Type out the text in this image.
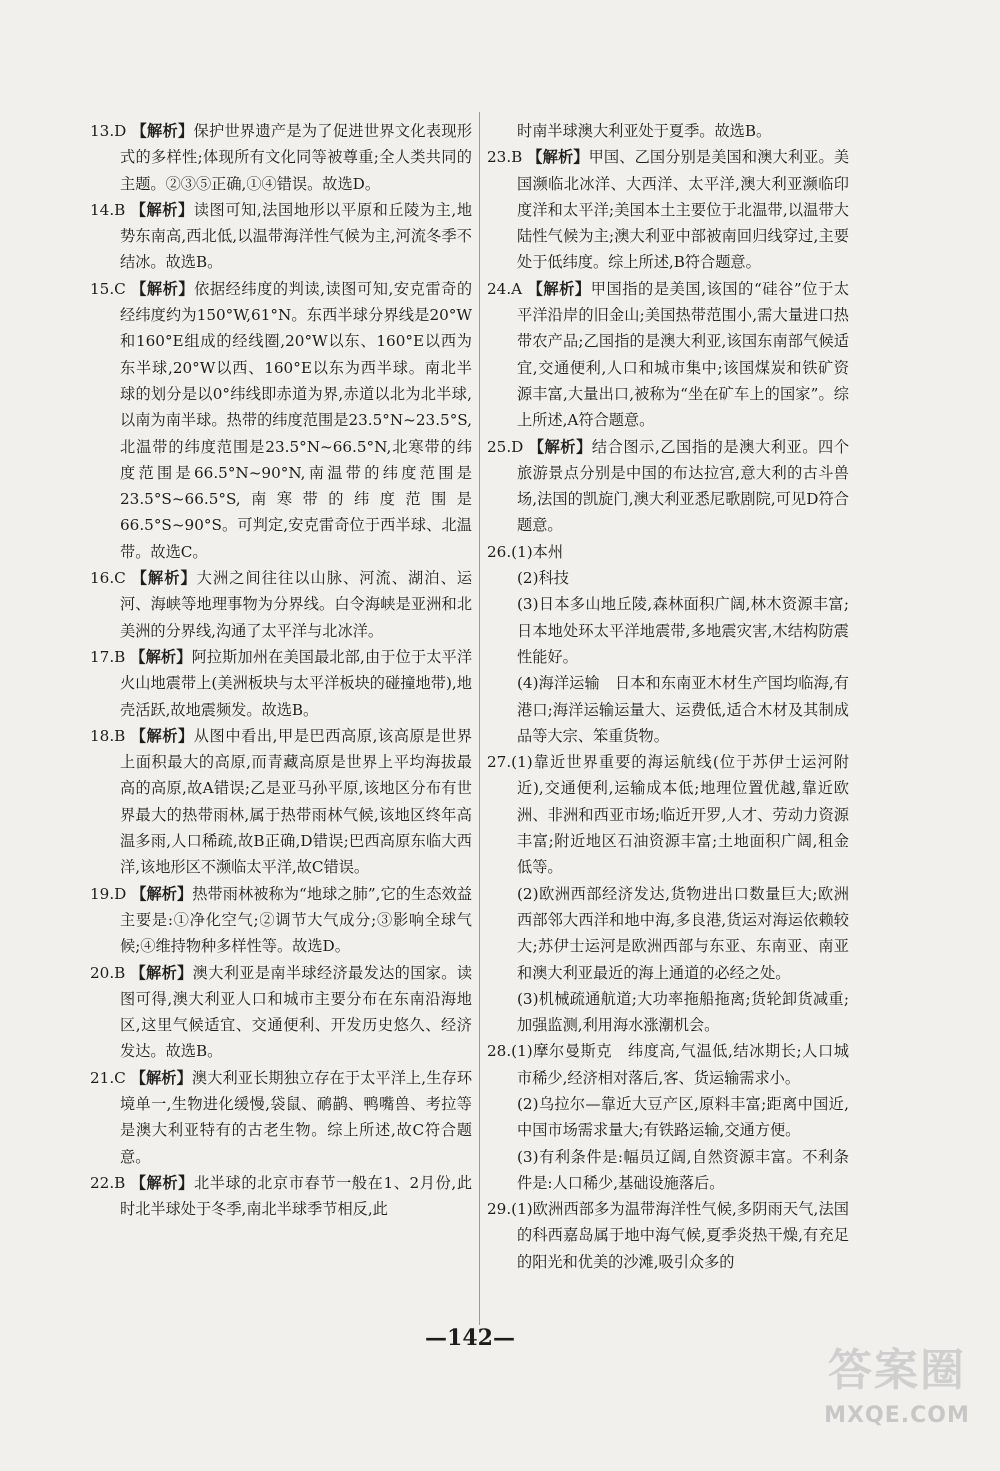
13.D 【解析】保护世界遗产是为了促进世界文化表现形式的多样性;体现所有文化同等被尊重;全人类共同的主题。②③⑤正确,①④错误。故选D。
14.B 【解析】读图可知,法国地形以平原和丘陵为主,地势东南高,西北低,以温带海洋性气候为主,河流冬季不结冰。故选B。
15.C 【解析】依据经纬度的判读,读图可知,安克雷奇的经纬度约为150°W,61°N。东西半球分界线是20°W和160°E组成的经线圈,20°W以东、160°E以西为东半球,20°W以西、160°E以东为西半球。南北半球的划分是以0°纬线即赤道为界,赤道以北为北半球,以南为南半球。热带的纬度范围是23.5°N~23.5°S,北温带的纬度范围是23.5°N~66.5°N,北寒带的纬度范围是66.5°N~90°N,南温带的纬度范围是23.5°S~66.5°S,南寒带的纬度范围是66.5°S~90°S。可判定,安克雷奇位于西半球、北温带。故选C。
16.C 【解析】大洲之间往往以山脉、河流、湖泊、运河、海峡等地理事物为分界线。白令海峡是亚洲和北美洲的分界线,沟通了太平洋与北冰洋。
17.B 【解析】阿拉斯加州在美国最北部,由于位于太平洋火山地震带上(美洲板块与太平洋板块的碰撞地带),地壳活跃,故地震频发。故选B。
18.B 【解析】从图中看出,甲是巴西高原,该高原是世界上面积最大的高原,而青藏高原是世界上平均海拔最高的高原,故A错误;乙是亚马孙平原,该地区分布有世界最大的热带雨林,属于热带雨林气候,该地区终年高温多雨,人口稀疏,故B正确,D错误;巴西高原东临大西洋,该地形区不濒临太平洋,故C错误。
19.D 【解析】热带雨林被称为“地球之肺”,它的生态效益主要是:①净化空气;②调节大气成分;③影响全球气候;④维持物种多样性等。故选D。
20.B 【解析】澳大利亚是南半球经济最发达的国家。读图可得,澳大利亚人口和城市主要分布在东南沿海地区,这里气候适宜、交通便利、开发历史悠久、经济发达。故选B。
21.C 【解析】澳大利亚长期独立存在于太平洋上,生存环境单一,生物进化缓慢,袋鼠、鸸鹋、鸭嘴兽、考拉等是澳大利亚特有的古老生物。综上所述,故C符合题意。
22.B 【解析】北半球的北京市春节一般在1、2月份,此时北半球处于冬季,南北半球季节相反,此
时南半球澳大利亚处于夏季。故选B。
23.B 【解析】甲国、乙国分别是美国和澳大利亚。美国濒临北冰洋、大西洋、太平洋,澳大利亚濒临印度洋和太平洋;美国本土主要位于北温带,以温带大陆性气候为主;澳大利亚中部被南回归线穿过,主要处于低纬度。综上所述,B符合题意。
24.A 【解析】甲国指的是美国,该国的“硅谷”位于太平洋沿岸的旧金山;美国热带范围小,需大量进口热带农产品;乙国指的是澳大利亚,该国东南部气候适宜,交通便利,人口和城市集中;该国煤炭和铁矿资源丰富,大量出口,被称为“坐在矿车上的国家”。综上所述,A符合题意。
25.D 【解析】结合图示,乙国指的是澳大利亚。四个旅游景点分别是中国的布达拉宫,意大利的古斗兽场,法国的凯旋门,澳大利亚悉尼歌剧院,可见D符合题意。
26.(1)本州
(2)科技
(3)日本多山地丘陵,森林面积广阔,林木资源丰富;日本地处环太平洋地震带,多地震灾害,木结构防震性能好。
(4)海洋运输　日本和东南亚木材生产国均临海,有港口;海洋运输运量大、运费低,适合木材及其制成品等大宗、笨重货物。
27.(1)靠近世界重要的海运航线(位于苏伊士运河附近),交通便利,运输成本低;地理位置优越,靠近欧洲、非洲和西亚市场;临近开罗,人才、劳动力资源丰富;附近地区石油资源丰富;土地面积广阔,租金低等。
(2)欧洲西部经济发达,货物进出口数量巨大;欧洲西部邻大西洋和地中海,多良港,货运对海运依赖较大;苏伊士运河是欧洲西部与东亚、东南亚、南亚和澳大利亚最近的海上通道的必经之处。
(3)机械疏通航道;大功率拖船拖离;货轮卸货减重;加强监测,利用海水涨潮机会。
28.(1)摩尔曼斯克　纬度高,气温低,结冰期长;人口城市稀少,经济相对落后,客、货运输需求小。
(2)乌拉尔—靠近大豆产区,原料丰富;距离中国近,中国市场需求量大;有铁路运输,交通方便。
(3)有利条件是:幅员辽阔,自然资源丰富。不利条件是:人口稀少,基础设施落后。
29.(1)欧洲西部多为温带海洋性气候,多阴雨天气,法国的科西嘉岛属于地中海气候,夏季炎热干燥,有充足的阳光和优美的沙滩,吸引众多的
—142—
答案圈
MXQE.COM
